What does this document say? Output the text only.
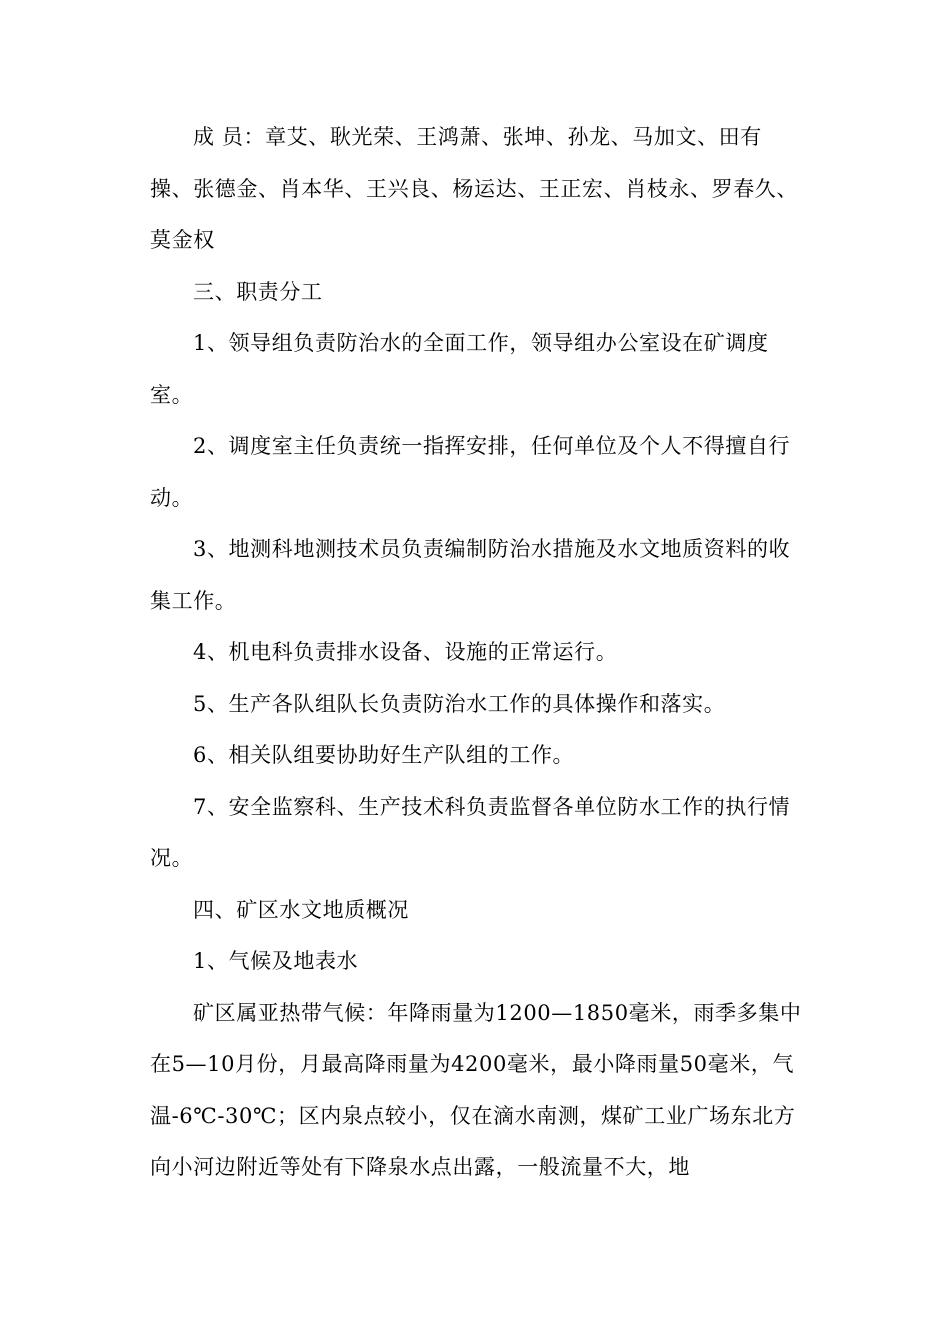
成 员：章艾、耿光荣、王鸿萧、张坤、孙龙、马加文、田有操、张德金、肖本华、王兴良、杨运达、王正宏、肖枝永、罗春久、莫金权

三、职责分工

1、领导组负责防治水的全面工作，领导组办公室设在矿调度室。

2、调度室主任负责统一指挥安排，任何单位及个人不得擅自行动。

3、地测科地测技术员负责编制防治水措施及水文地质资料的收集工作。

4、机电科负责排水设备、设施的正常运行。

5、生产各队组队长负责防治水工作的具体操作和落实。

6、相关队组要协助好生产队组的工作。

7、安全监察科、生产技术科负责监督各单位防水工作的执行情况。

四、矿区水文地质概况

1、气候及地表水

矿区属亚热带气候：年降雨量为1200—1850毫米，雨季多集中在5—10月份，月最高降雨量为4200毫米，最小降雨量50毫米，气温-6℃-30℃；区内泉点较小，仅在滴水南测，煤矿工业广场东北方向小河边附近等处有下降泉水点出露，一般流量不大，地
